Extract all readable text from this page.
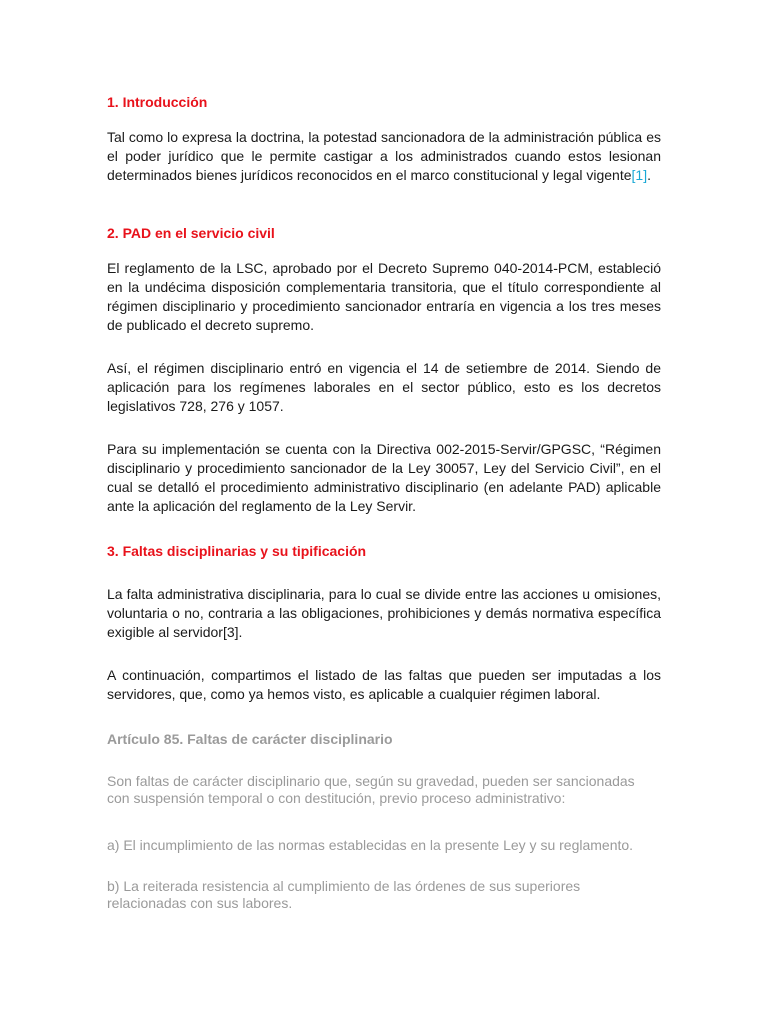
1. Introducción

Tal como lo expresa la doctrina, la potestad sancionadora de la administración pública es el poder jurídico que le permite castigar a los administrados cuando estos lesionan determinados bienes jurídicos reconocidos en el marco constitucional y legal vigente[1].

2. PAD en el servicio civil

El reglamento de la LSC, aprobado por el Decreto Supremo 040-2014-PCM, estableció en la undécima disposición complementaria transitoria, que el título correspondiente al régimen disciplinario y procedimiento sancionador entraría en vigencia a los tres meses de publicado el decreto supremo.

Así, el régimen disciplinario entró en vigencia el 14 de setiembre de 2014. Siendo de aplicación para los regímenes laborales en el sector público, esto es los decretos legislativos 728, 276 y 1057.

Para su implementación se cuenta con la Directiva 002-2015-Servir/GPGSC, “Régimen disciplinario y procedimiento sancionador de la Ley 30057, Ley del Servicio Civil”, en el cual se detalló el procedimiento administrativo disciplinario (en adelante PAD) aplicable ante la aplicación del reglamento de la Ley Servir.

3. Faltas disciplinarias y su tipificación

La falta administrativa disciplinaria, para lo cual se divide entre las acciones u omisiones, voluntaria o no, contraria a las obligaciones, prohibiciones y demás normativa específica exigible al servidor[3].

A continuación, compartimos el listado de las faltas que pueden ser imputadas a los servidores, que, como ya hemos visto, es aplicable a cualquier régimen laboral.

Artículo 85. Faltas de carácter disciplinario

Son faltas de carácter disciplinario que, según su gravedad, pueden ser sancionadas con suspensión temporal o con destitución, previo proceso administrativo:

a) El incumplimiento de las normas establecidas en la presente Ley y su reglamento.

b) La reiterada resistencia al cumplimiento de las órdenes de sus superiores relacionadas con sus labores.
